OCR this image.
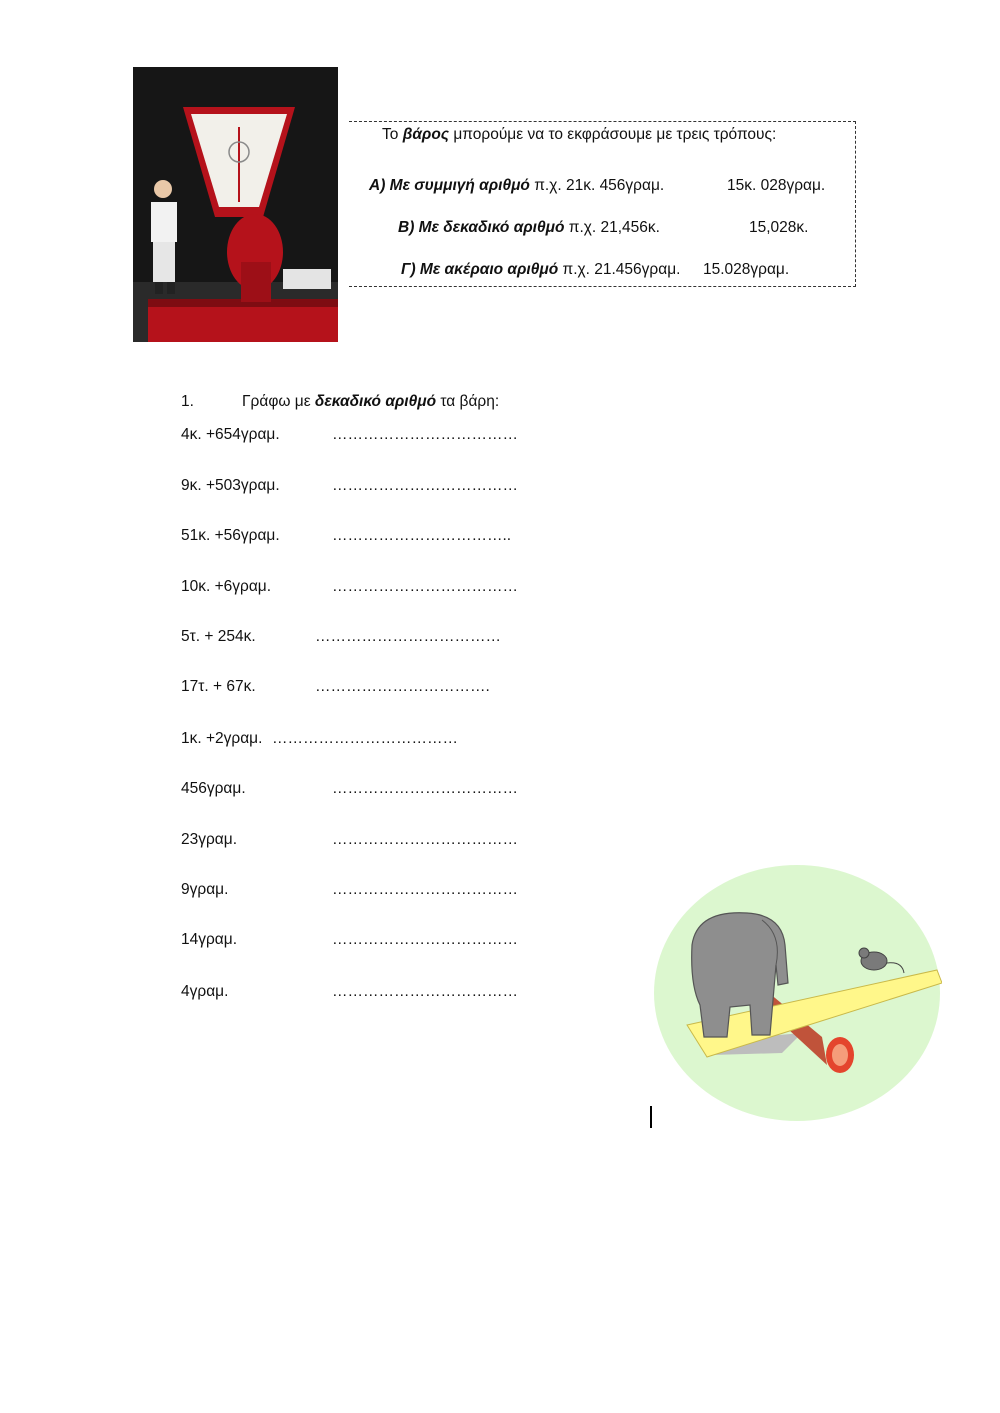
Το βάρος μπορούμε να το εκφράσουμε με τρεις τρόπους:
Α) Με συμμιγή αριθμό π.χ. 21κ. 456γραμ.	15κ. 028γραμ.
Β) Με δεκαδικό αριθμό π.χ. 21,456κ.	15,028κ.
Γ) Με ακέραιο αριθμό π.χ. 21.456γραμ. 15.028γραμ.
1.	Γράφω με δεκαδικό αριθμό τα βάρη:
4κ. +654γραμ.	………………………………
9κ. +503γραμ.	………………………………
51κ. +56γραμ.	……………………………..
10κ. +6γραμ.	………………………………
5τ. + 254κ.	………………………………
17τ. + 67κ.	…………………………….
1κ. +2γραμ. ………………………………
456γραμ.	………………………………
23γραμ.	………………………………
9γραμ.	………………………………
14γραμ.	………………………………
4γραμ.	………………………………
